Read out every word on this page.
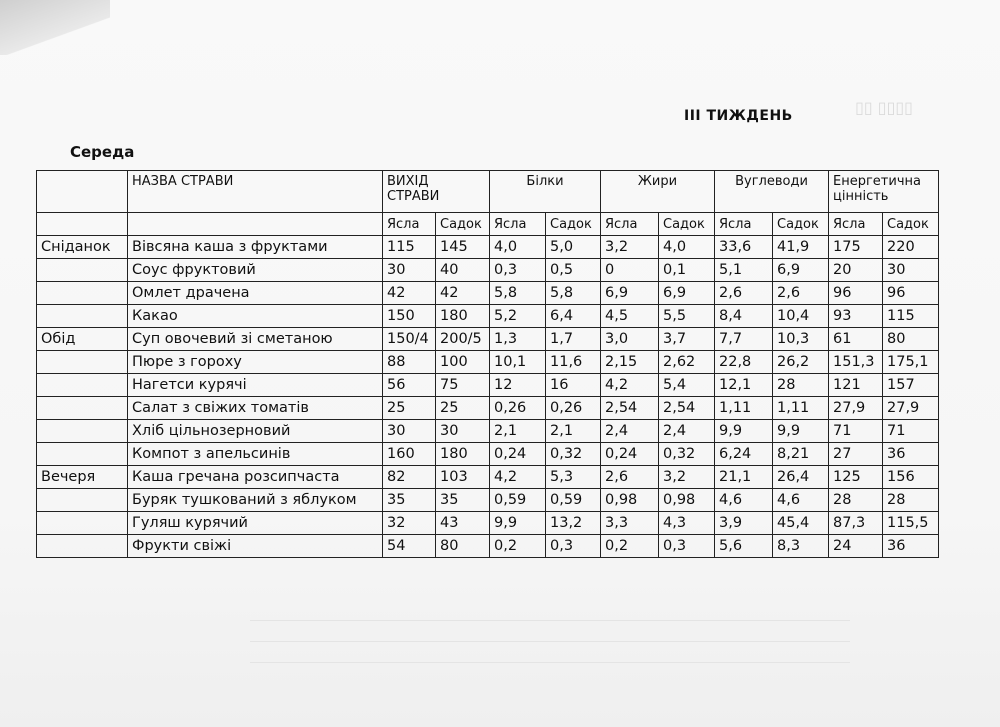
▯▯▯▯ ▯▯
III ТИЖДЕНЬ
Середа
	НАЗВА СТРАВИ	ВИХІД СТРАВИ		Білки		Жири		Вуглеводи		Енергетична цінність	
		Ясла	Садок	Ясла	Садок	Ясла	Садок	Ясла	Садок	Ясла	Садок
Сніданок	Вівсяна каша з фруктами	115	145	4,0	5,0	3,2	4,0	33,6	41,9	175	220
	Соус фруктовий	30	40	0,3	0,5	0	0,1	5,1	6,9	20	30
	Омлет драчена	42	42	5,8	5,8	6,9	6,9	2,6	2,6	96	96
	Какао	150	180	5,2	6,4	4,5	5,5	8,4	10,4	93	115
Обід	Суп овочевий зі сметаною	150/4	200/5	1,3	1,7	3,0	3,7	7,7	10,3	61	80
	Пюре з гороху	88	100	10,1	11,6	2,15	2,62	22,8	26,2	151,3	175,1
	Нагетси курячі	56	75	12	16	4,2	5,4	12,1	28	121	157
	Салат з свіжих томатів	25	25	0,26	0,26	2,54	2,54	1,11	1,11	27,9	27,9
	Хліб цільнозерновий	30	30	2,1	2,1	2,4	2,4	9,9	9,9	71	71
	Компот з апельсинів	160	180	0,24	0,32	0,24	0,32	6,24	8,21	27	36
Вечеря	Каша гречана розсипчаста	82	103	4,2	5,3	2,6	3,2	21,1	26,4	125	156
	Буряк тушкований з яблуком	35	35	0,59	0,59	0,98	0,98	4,6	4,6	28	28
	Гуляш курячий	32	43	9,9	13,2	3,3	4,3	3,9	45,4	87,3	115,5
	Фрукти свіжі	54	80	0,2	0,3	0,2	0,3	5,6	8,3	24	36
